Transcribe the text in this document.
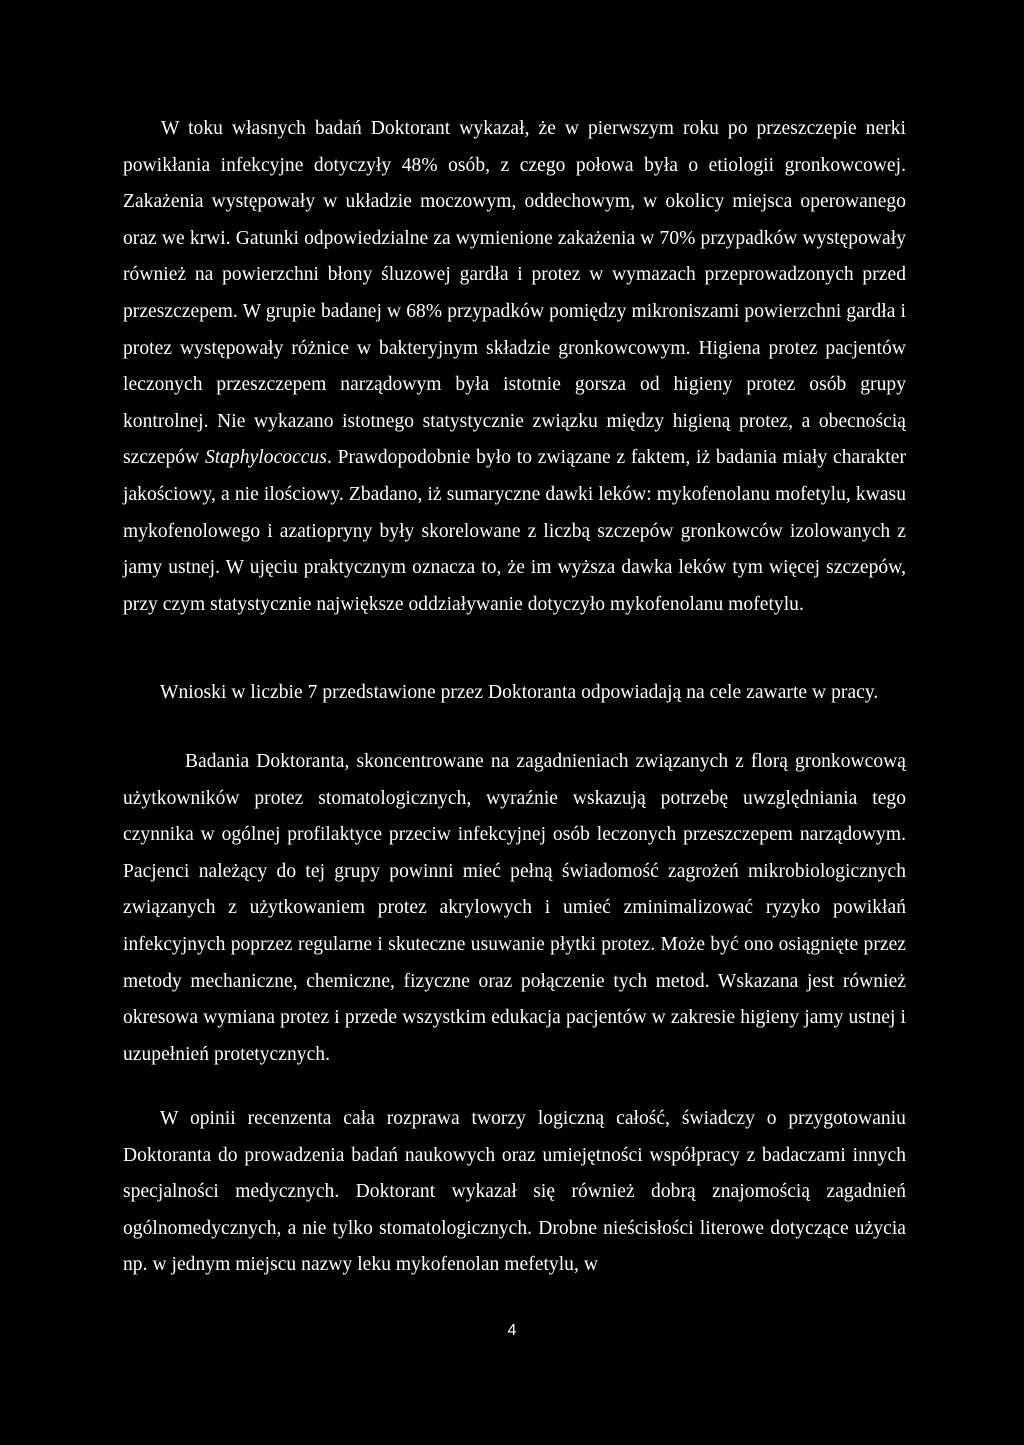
W toku własnych badań Doktorant wykazał, że w pierwszym roku po przeszczepie nerki powikłania infekcyjne dotyczyły 48% osób, z czego połowa była o etiologii gronkowcowej. Zakażenia występowały w układzie moczowym, oddechowym, w okolicy miejsca operowanego oraz we krwi. Gatunki odpowiedzialne za wymienione zakażenia w 70% przypadków występowały również na powierzchni błony śluzowej gardła i protez w wymazach przeprowadzonych przed przeszczepem. W grupie badanej w 68% przypadków pomiędzy mikroniszami powierzchni gardła i protez występowały różnice w bakteryjnym składzie gronkowcowym. Higiena protez pacjentów leczonych przeszczepem narządowym była istotnie gorsza od higieny protez osób grupy kontrolnej. Nie wykazano istotnego statystycznie związku między higieną protez, a obecnością szczepów Staphylococcus. Prawdopodobnie było to związane z faktem, iż badania miały charakter jakościowy, a nie ilościowy. Zbadano, iż sumaryczne dawki leków: mykofenolanu mofetylu, kwasu mykofenolowego i azatiopryny były skorelowane z liczbą szczepów gronkowców izolowanych z jamy ustnej. W ujęciu praktycznym oznacza to, że im wyższa dawka leków tym więcej szczepów, przy czym statystycznie największe oddziaływanie dotyczyło mykofenolanu mofetylu.

Wnioski w liczbie 7 przedstawione przez Doktoranta odpowiadają na cele zawarte w pracy.

Badania Doktoranta, skoncentrowane na zagadnieniach związanych z florą gronkowcową użytkowników protez stomatologicznych, wyraźnie wskazują potrzebę uwzględniania tego czynnika w ogólnej profilaktyce przeciw infekcyjnej osób leczonych przeszczepem narządowym. Pacjenci należący do tej grupy powinni mieć pełną świadomość zagrożeń mikrobiologicznych związanych z użytkowaniem protez akrylowych i umieć zminimalizować ryzyko powikłań infekcyjnych poprzez regularne i skuteczne usuwanie płytki protez. Może być ono osiągnięte przez metody mechaniczne, chemiczne, fizyczne oraz połączenie tych metod. Wskazana jest również okresowa wymiana protez i przede wszystkim edukacja pacjentów w zakresie higieny jamy ustnej i uzupełnień protetycznych.

W opinii recenzenta cała rozprawa tworzy logiczną całość, świadczy o przygotowaniu Doktoranta do prowadzenia badań naukowych oraz umiejętności współpracy z badaczami innych specjalności medycznych. Doktorant wykazał się również dobrą znajomością zagadnień ogólnomedycznych, a nie tylko stomatologicznych. Drobne nieścisłości literowe dotyczące użycia np. w jednym miejscu nazwy leku mykofenolan mefetylu, w

4
